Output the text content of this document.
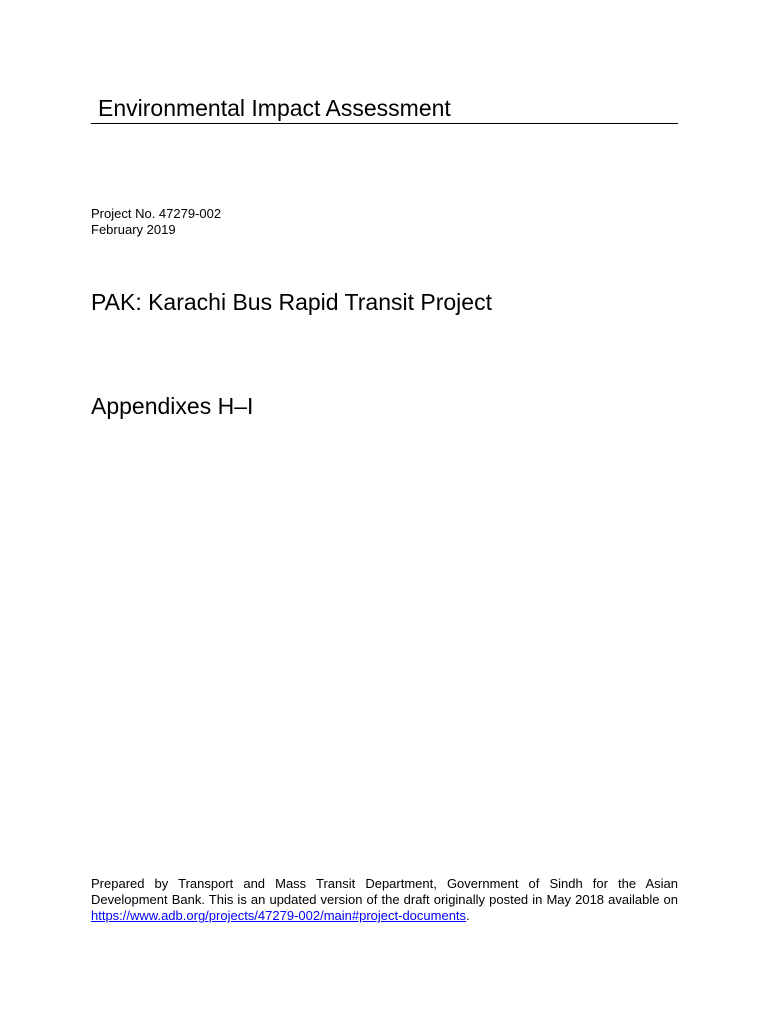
Environmental Impact Assessment
Project No. 47279-002
February 2019
PAK: Karachi Bus Rapid Transit Project
Appendixes H–I
Prepared by Transport and Mass Transit Department, Government of Sindh for the Asian Development Bank. This is an updated version of the draft originally posted in May 2018 available on https://www.adb.org/projects/47279-002/main#project-documents.
